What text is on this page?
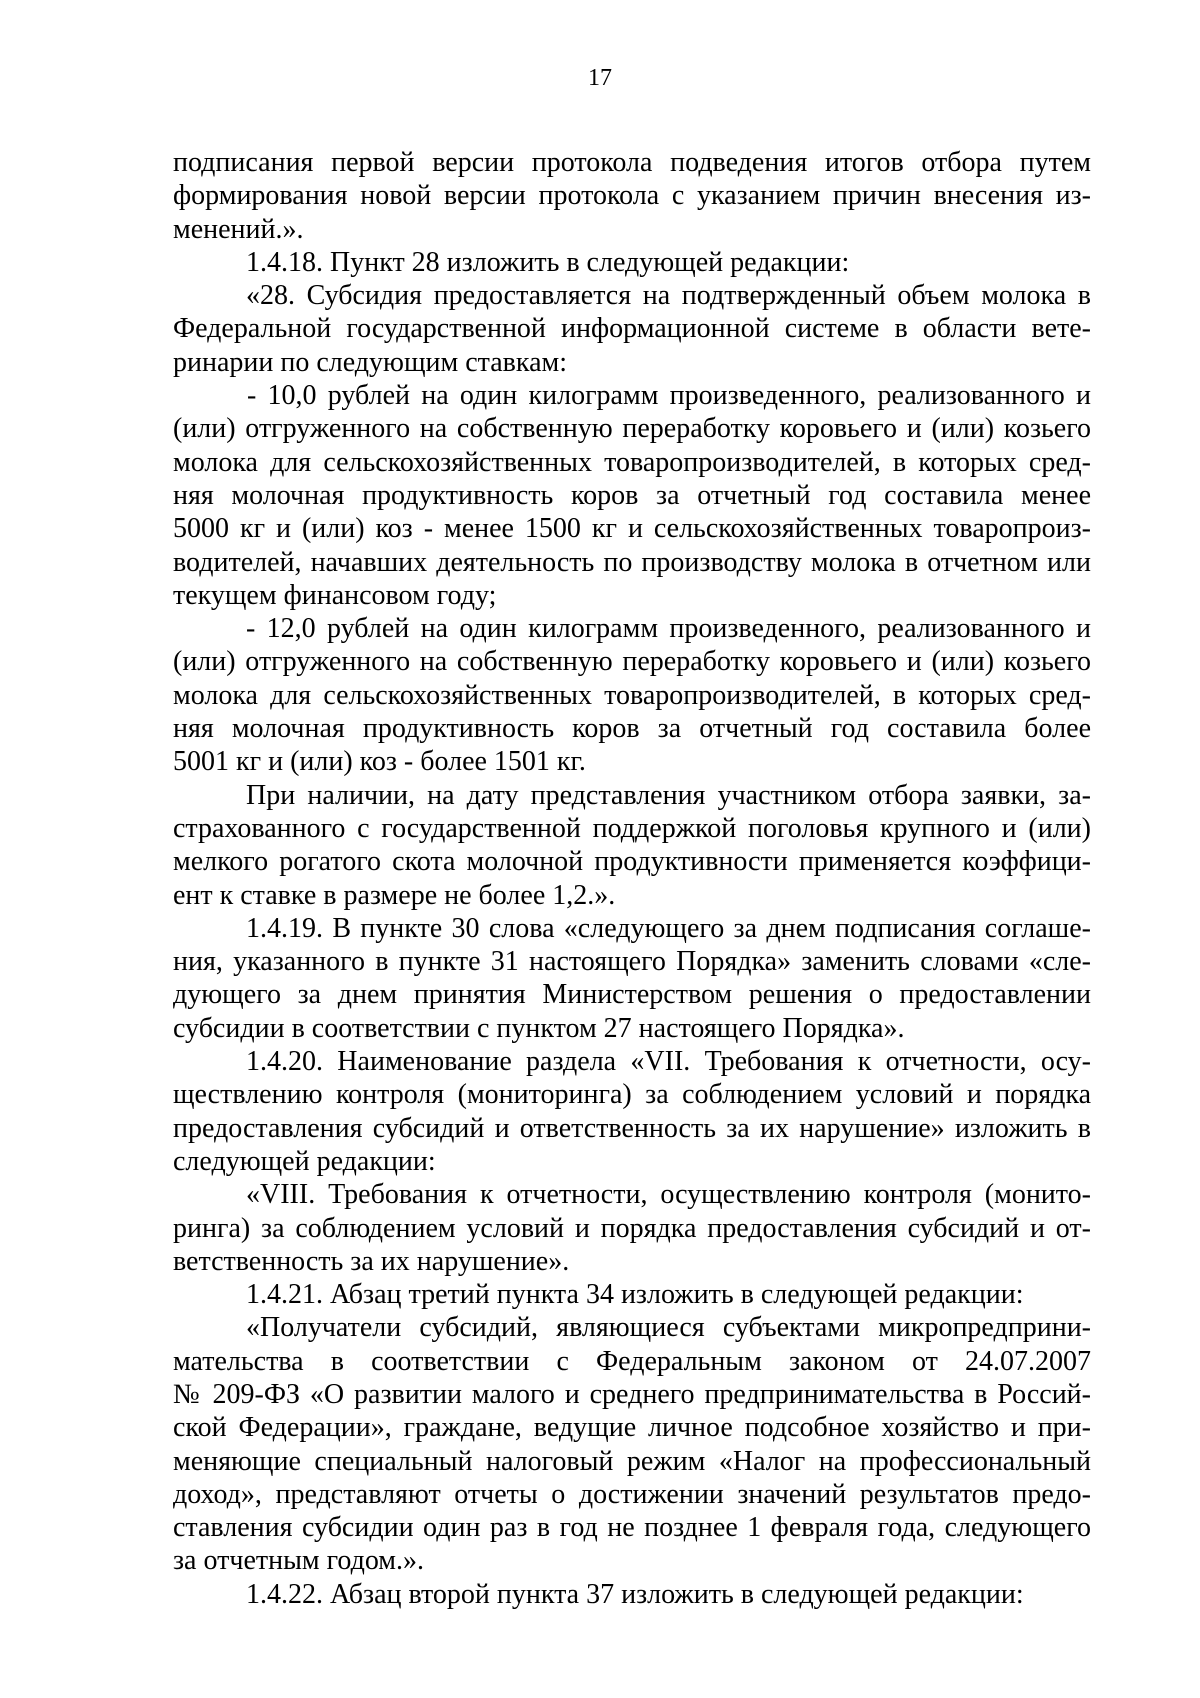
17

подписания первой версии протокола подведения итогов отбора путем

формирования новой версии протокола с указанием причин внесения из-

менений.».

1.4.18. Пункт 28 изложить в следующей редакции:

«28. Субсидия предоставляется на подтвержденный объем молока в

Федеральной государственной информационной системе в области вете-

ринарии по следующим ставкам:

- 10,0 рублей на один килограмм произведенного, реализованного и

(или) отгруженного на собственную переработку коровьего и (или) козьего

молока для сельскохозяйственных товаропроизводителей, в которых сред-

няя молочная продуктивность коров за отчетный год составила менее

5000 кг и (или) коз - менее 1500 кг и сельскохозяйственных товаропроиз-

водителей, начавших деятельность по производству молока в отчетном или

текущем финансовом году;

- 12,0 рублей на один килограмм произведенного, реализованного и

(или) отгруженного на собственную переработку коровьего и (или) козьего

молока для сельскохозяйственных товаропроизводителей, в которых сред-

няя молочная продуктивность коров за отчетный год составила более

5001 кг и (или) коз - более 1501 кг.

При наличии, на дату представления участником отбора заявки, за-

страхованного с государственной поддержкой поголовья крупного и (или)

мелкого рогатого скота молочной продуктивности применяется коэффици-

ент к ставке в размере не более 1,2.».

1.4.19. В пункте 30 слова «следующего за днем подписания соглаше-

ния, указанного в пункте 31 настоящего Порядка» заменить словами «сле-

дующего за днем принятия Министерством решения о предоставлении

субсидии в соответствии с пунктом 27 настоящего Порядка».

1.4.20. Наименование раздела «VII. Требования к отчетности, осу-

ществлению контроля (мониторинга) за соблюдением условий и порядка

предоставления субсидий и ответственность за их нарушение» изложить в

следующей редакции:

«VIII. Требования к отчетности, осуществлению контроля (монито-

ринга) за соблюдением условий и порядка предоставления субсидий и от-

ветственность за их нарушение».

1.4.21. Абзац третий пункта 34 изложить в следующей редакции:

«Получатели субсидий, являющиеся субъектами микропредприни-

мательства в соответствии с Федеральным законом от 24.07.2007

№ 209-ФЗ «О развитии малого и среднего предпринимательства в Россий-

ской Федерации», граждане, ведущие личное подсобное хозяйство и при-

меняющие специальный налоговый режим «Налог на профессиональный

доход», представляют отчеты о достижении значений результатов предо-

ставления субсидии один раз в год не позднее 1 февраля года, следующего

за отчетным годом.».

1.4.22. Абзац второй пункта 37 изложить в следующей редакции:
